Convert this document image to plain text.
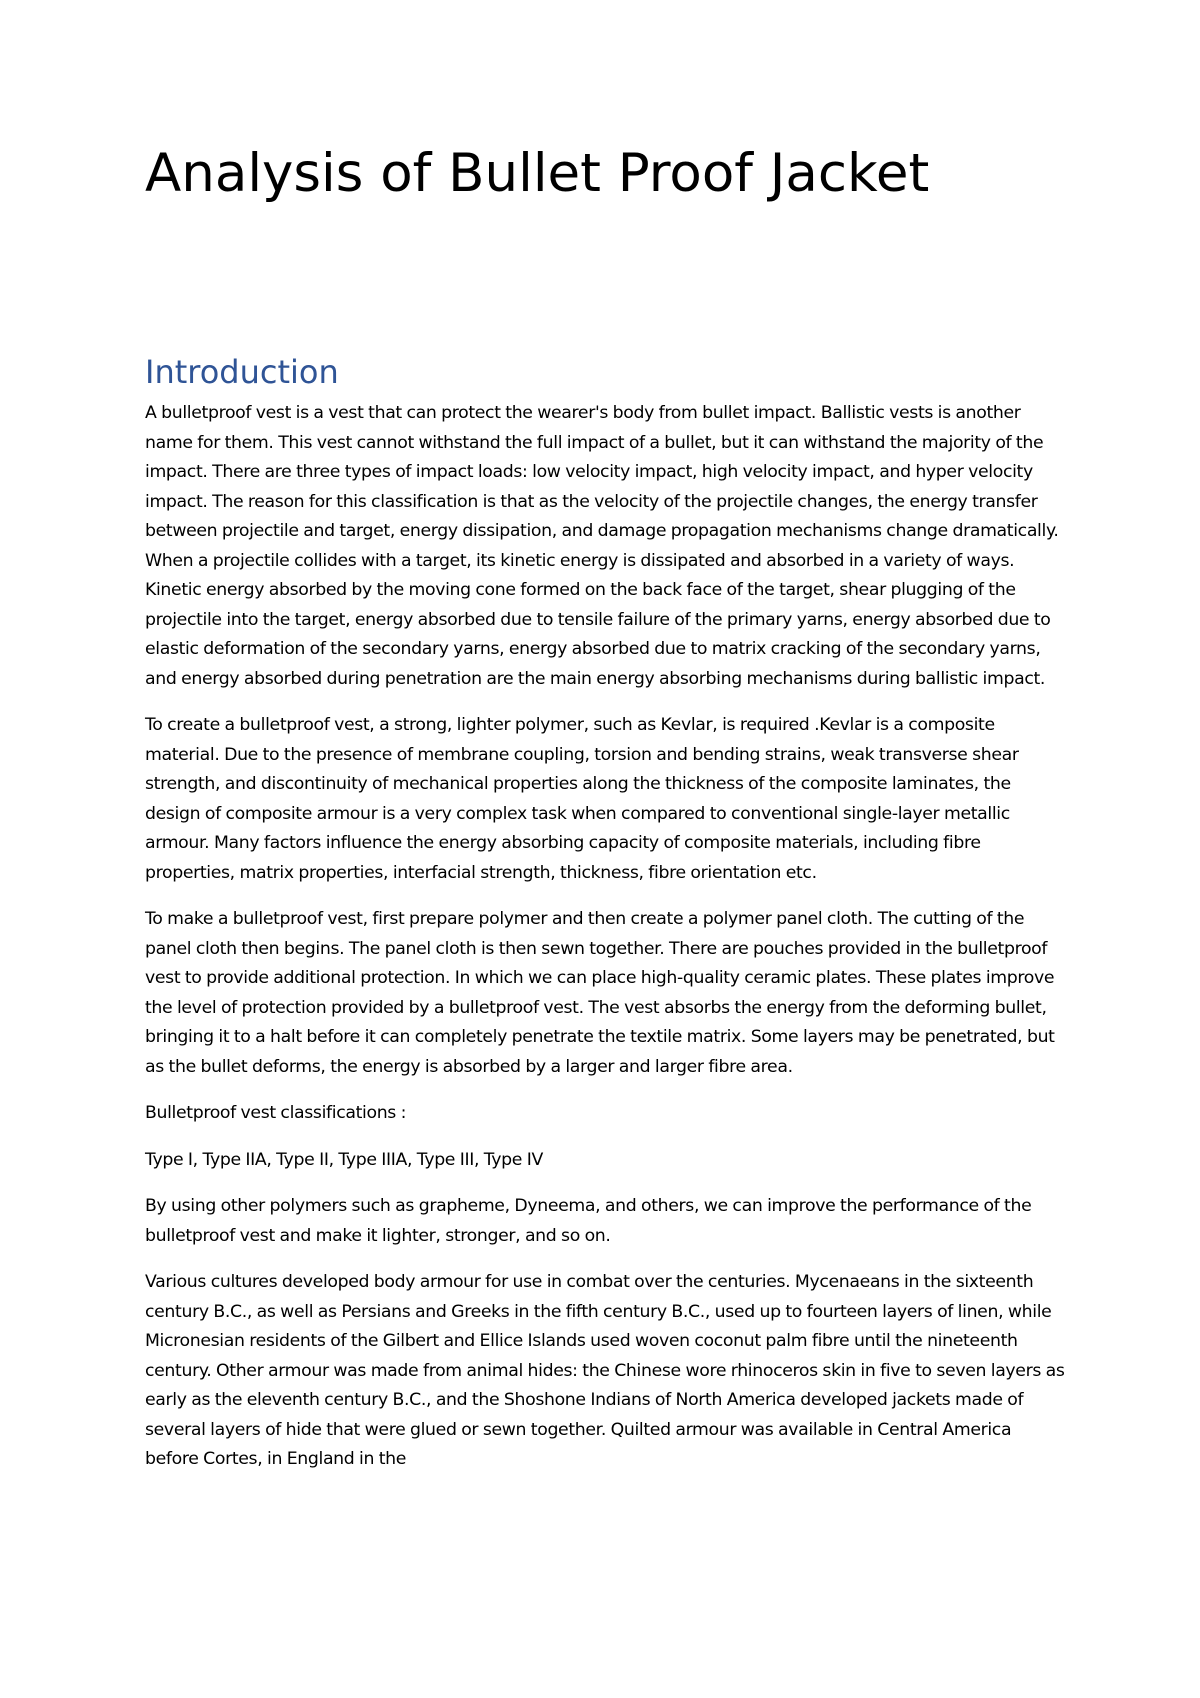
Analysis of Bullet Proof Jacket
Introduction

A bulletproof vest is a vest that can protect the wearer's body from bullet impact. Ballistic vests is another name for them. This vest cannot withstand the full impact of a bullet, but it can withstand the majority of the impact. There are three types of impact loads: low velocity impact, high velocity impact, and hyper velocity impact. The reason for this classification is that as the velocity of the projectile changes, the energy transfer between projectile and target, energy dissipation, and damage propagation mechanisms change dramatically. When a projectile collides with a target, its kinetic energy is dissipated and absorbed in a variety of ways. Kinetic energy absorbed by the moving cone formed on the back face of the target, shear plugging of the projectile into the target, energy absorbed due to tensile failure of the primary yarns, energy absorbed due to elastic deformation of the secondary yarns, energy absorbed due to matrix cracking of the secondary yarns, and energy absorbed during penetration are the main energy absorbing mechanisms during ballistic impact.

To create a bulletproof vest, a strong, lighter polymer, such as Kevlar, is required .Kevlar is a composite material. Due to the presence of membrane coupling, torsion and bending strains, weak transverse shear strength, and discontinuity of mechanical properties along the thickness of the composite laminates, the design of composite armour is a very complex task when compared to conventional single-layer metallic armour. Many factors influence the energy absorbing capacity of composite materials, including fibre properties, matrix properties, interfacial strength, thickness, fibre orientation etc.

To make a bulletproof vest, first prepare polymer and then create a polymer panel cloth. The cutting of the panel cloth then begins. The panel cloth is then sewn together. There are pouches provided in the bulletproof vest to provide additional protection. In which we can place high-quality ceramic plates. These plates improve the level of protection provided by a bulletproof vest. The vest absorbs the energy from the deforming bullet, bringing it to a halt before it can completely penetrate the textile matrix. Some layers may be penetrated, but as the bullet deforms, the energy is absorbed by a larger and larger fibre area.

Bulletproof vest classifications :

Type I, Type IIA, Type II, Type IIIA, Type III, Type IV

By using other polymers such as grapheme, Dyneema, and others, we can improve the performance of the bulletproof vest and make it lighter, stronger, and so on.

Various cultures developed body armour for use in combat over the centuries. Mycenaeans in the sixteenth century B.C., as well as Persians and Greeks in the fifth century B.C., used up to fourteen layers of linen, while Micronesian residents of the Gilbert and Ellice Islands used woven coconut palm fibre until the nineteenth century. Other armour was made from animal hides: the Chinese wore rhinoceros skin in five to seven layers as early as the eleventh century B.C., and the Shoshone Indians of North America developed jackets made of several layers of hide that were glued or sewn together. Quilted armour was available in Central America before Cortes, in England in the
